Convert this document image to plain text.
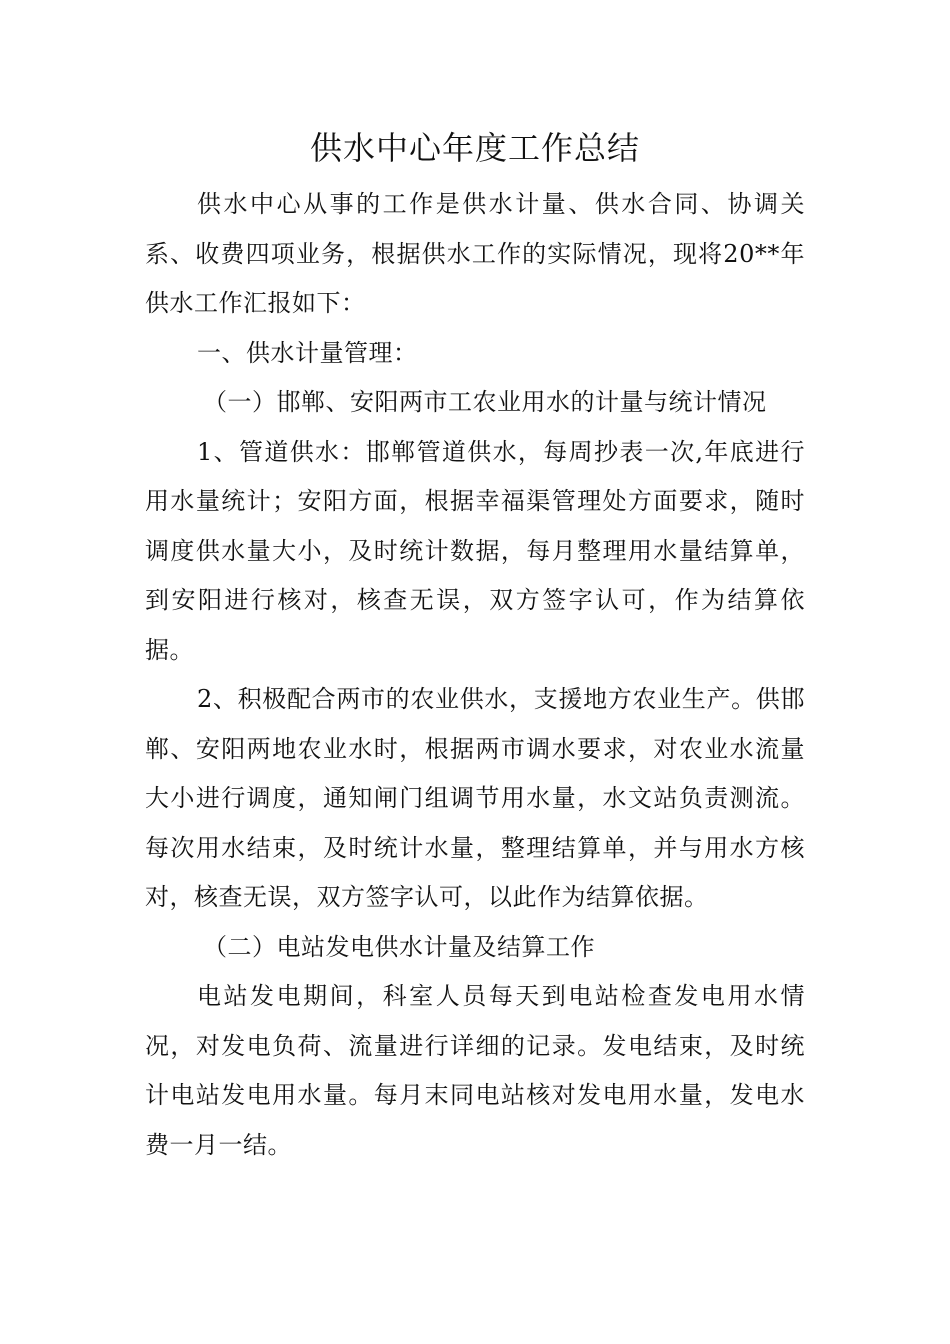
供水中心年度工作总结

供水中心从事的工作是供水计量、供水合同、协调关系、收费四项业务，根据供水工作的实际情况，现将20**年供水工作汇报如下：

一、供水计量管理：

（一）邯郸、安阳两市工农业用水的计量与统计情况

1、管道供水：邯郸管道供水，每周抄表一次,年底进行用水量统计；安阳方面，根据幸福渠管理处方面要求，随时调度供水量大小，及时统计数据，每月整理用水量结算单，到安阳进行核对，核查无误，双方签字认可，作为结算依据。

2、积极配合两市的农业供水，支援地方农业生产。供邯郸、安阳两地农业水时，根据两市调水要求，对农业水流量大小进行调度，通知闸门组调节用水量，水文站负责测流。每次用水结束，及时统计水量，整理结算单，并与用水方核对，核查无误，双方签字认可，以此作为结算依据。

（二）电站发电供水计量及结算工作

电站发电期间，科室人员每天到电站检查发电用水情况，对发电负荷、流量进行详细的记录。发电结束，及时统计电站发电用水量。每月末同电站核对发电用水量，发电水费一月一结。
